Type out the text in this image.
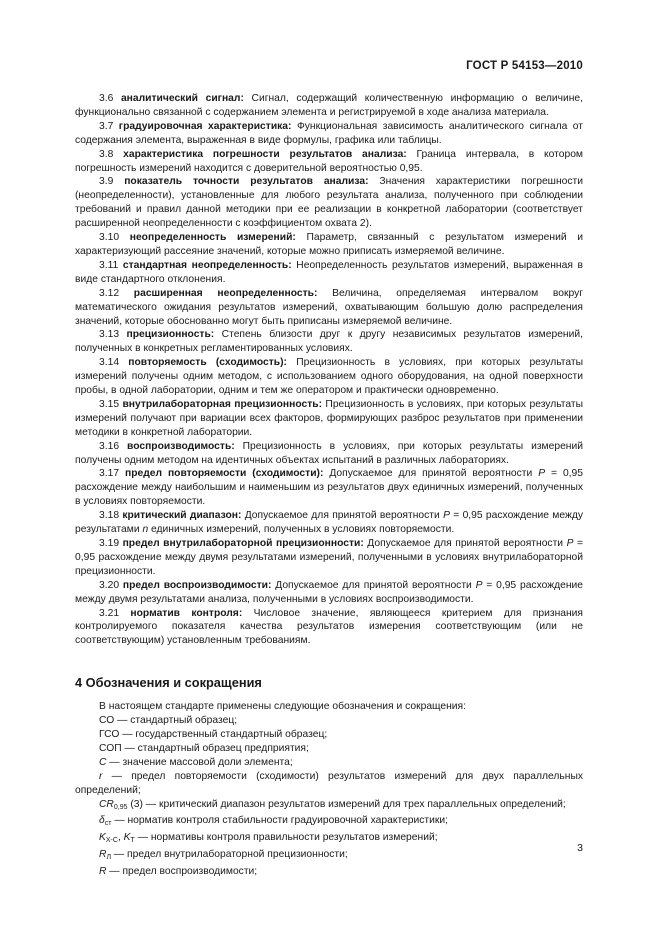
ГОСТ Р 54153—2010

3.6 аналитический сигнал: Сигнал, содержащий количественную информацию о величине, функционально связанной с содержанием элемента и регистрируемой в ходе анализа материала.

3.7 градуировочная характеристика: Функциональная зависимость аналитического сигнала от содержания элемента, выраженная в виде формулы, графика или таблицы.

3.8 характеристика погрешности результатов анализа: Граница интервала, в котором погрешность измерений находится с доверительной вероятностью 0,95.

3.9 показатель точности результатов анализа: Значения характеристики погрешности (неопределенности), установленные для любого результата анализа, полученного при соблюдении требований и правил данной методики при ее реализации в конкретной лаборатории (соответствует расширенной неопределенности с коэффициентом охвата 2).

3.10 неопределенность измерений: Параметр, связанный с результатом измерений и характеризующий рассеяние значений, которые можно приписать измеряемой величине.

3.11 стандартная неопределенность: Неопределенность результатов измерений, выраженная в виде стандартного отклонения.

3.12 расширенная неопределенность: Величина, определяемая интервалом вокруг математического ожидания результатов измерений, охватывающим большую долю распределения значений, которые обоснованно могут быть приписаны измеряемой величине.

3.13 прецизионность: Степень близости друг к другу независимых результатов измерений, полученных в конкретных регламентированных условиях.

3.14 повторяемость (сходимость): Прецизионность в условиях, при которых результаты измерений получены одним методом, с использованием одного оборудования, на одной поверхности пробы, в одной лаборатории, одним и тем же оператором и практически одновременно.

3.15 внутрилабораторная прецизионность: Прецизионность в условиях, при которых результаты измерений получают при вариации всех факторов, формирующих разброс результатов при применении методики в конкретной лаборатории.

3.16 воспроизводимость: Прецизионность в условиях, при которых результаты измерений получены одним методом на идентичных объектах испытаний в различных лабораториях.

3.17 предел повторяемости (сходимости): Допускаемое для принятой вероятности P = 0,95 расхождение между наибольшим и наименьшим из результатов двух единичных измерений, полученных в условиях повторяемости.

3.18 критический диапазон: Допускаемое для принятой вероятности P = 0,95 расхождение между результатами n единичных измерений, полученных в условиях повторяемости.

3.19 предел внутрилабораторной прецизионности: Допускаемое для принятой вероятности P = 0,95 расхождение между двумя результатами измерений, полученными в условиях внутрилабораторной прецизионности.

3.20 предел воспроизводимости: Допускаемое для принятой вероятности P = 0,95 расхождение между двумя результатами анализа, полученными в условиях воспроизводимости.

3.21 норматив контроля: Числовое значение, являющееся критерием для признания контролируемого показателя качества результатов измерения соответствующим (или не соответствующим) установленным требованиям.

4 Обозначения и сокращения

В настоящем стандарте применены следующие обозначения и сокращения:

СО — стандартный образец;

ГСО — государственный стандартный образец;

СОП — стандартный образец предприятия;

C — значение массовой доли элемента;

r — предел повторяемости (сходимости) результатов измерений для двух параллельных определений;

$CR_{0,95}$ (3) — критический диапазон результатов измерений для трех параллельных определений;

$\delta_{ст}$ — норматив контроля стабильности градуировочной характеристики;

$K_{Х-С}$, $K_Т$ — нормативы контроля правильности результатов измерений;

$R_Л$ — предел внутрилабораторной прецизионности;

R — предел воспроизводимости;

3
